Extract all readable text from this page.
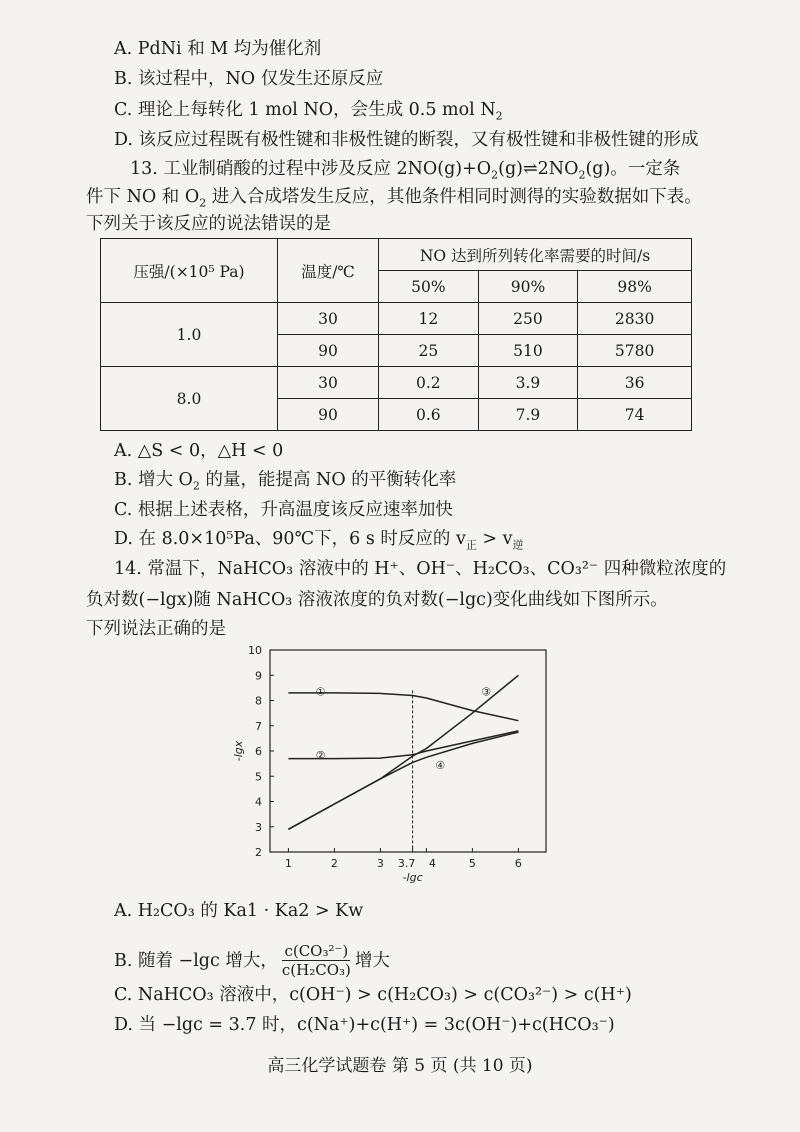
A. PdNi 和 M 均为催化剂
B. 该过程中，NO 仅发生还原反应
C. 理论上每转化 1 mol NO，会生成 0.5 mol $N_2$
D. 该反应过程既有极性键和非极性键的断裂，又有极性键和非极性键的形成
13. 工业制硝酸的过程中涉及反应 $2NO(g)+O_2(g)\rightleftharpoons 2NO_2(g)$。一定条
件下 NO 和 $O_2$ 进入合成塔发生反应，其他条件相同时测得的实验数据如下表。
下列关于该反应的说法错误的是
压强/(×10⁵ Pa)	温度/℃	NO 达到所列转化率需要的时间/s		
		50%	90%	98%
1.0	30	12	250	2830
	90	25	510	5780
8.0	30	0.2	3.9	36
	90	0.6	7.9	74
A. △S < 0，△H < 0
B. 增大 $O_2$ 的量，能提高 NO 的平衡转化率
C. 根据上述表格，升高温度该反应速率加快
D. 在 8.0×10⁵Pa、90℃下，6 s 时反应的 $v_正 > v_逆$
14. 常温下，NaHCO₃ 溶液中的 H⁺、OH⁻、H₂CO₃、CO₃²⁻ 四种微粒浓度的
负对数(−lgx)随 NaHCO₃ 溶液浓度的负对数(−lgc)变化曲线如下图所示。
下列说法正确的是
2
3
4
5
6
7
8
9
10
1	2	3 3.7 4	5	6
-lgc
-lgx
①
②
③
④
A. H₂CO₃ 的 Ka1 · Ka2 > Kw
B. 随着 −lgc 增大， c(CO₃²⁻)
c(H₂CO₃) 增大
C. NaHCO₃ 溶液中，c(OH⁻) > c(H₂CO₃) > c(CO₃²⁻) > c(H⁺)
D. 当 −lgc = 3.7 时，c(Na⁺)+c(H⁺) = 3c(OH⁻)+c(HCO₃⁻)
高三化学试题卷 第 5 页 (共 10 页)
